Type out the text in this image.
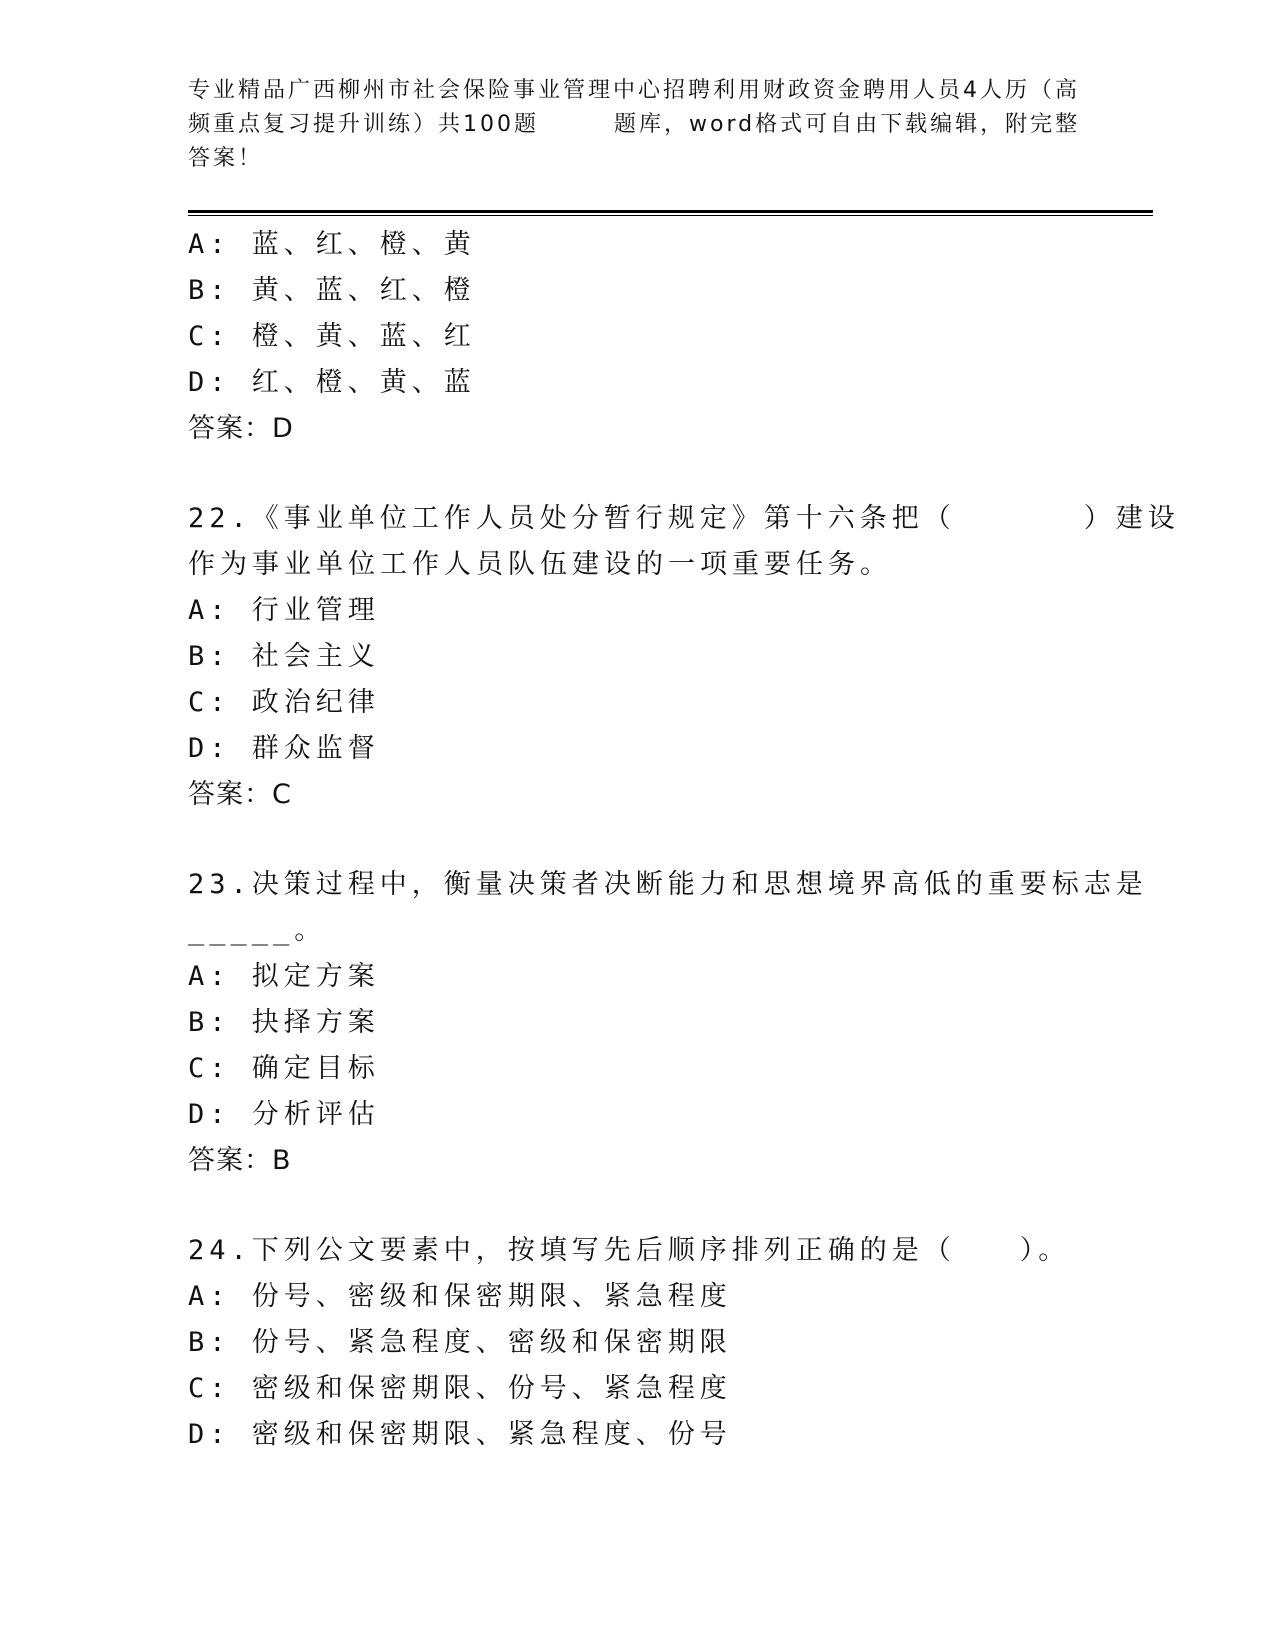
专业精品广西柳州市社会保险事业管理中心招聘利用财政资金聘用人员4人历（高
频重点复习提升训练）共100题　　　题库，word格式可自由下载编辑，附完整
答案！
A: 蓝、红、橙、黄
B: 黄、蓝、红、橙
C: 橙、黄、蓝、红
D: 红、橙、黄、蓝
答案：D
22.《事业单位工作人员处分暂行规定》第十六条把（　　　　）建设
作为事业单位工作人员队伍建设的一项重要任务。
A: 行业管理
B: 社会主义
C: 政治纪律
D: 群众监督
答案：C
23.决策过程中，衡量决策者决断能力和思想境界高低的重要标志是
_____。
A: 拟定方案
B: 抉择方案
C: 确定目标
D: 分析评估
答案：B
24.下列公文要素中，按填写先后顺序排列正确的是（　　）。
A: 份号、密级和保密期限、紧急程度
B: 份号、紧急程度、密级和保密期限
C: 密级和保密期限、份号、紧急程度
D: 密级和保密期限、紧急程度、份号
